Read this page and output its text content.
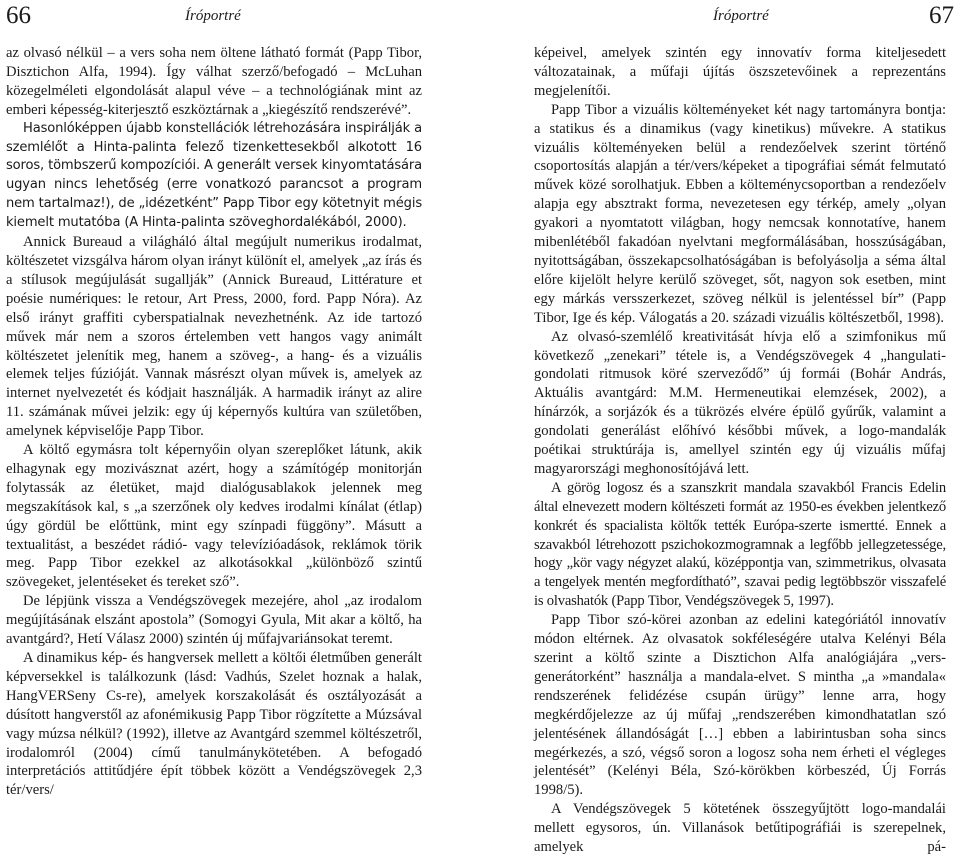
66	Íróportré

az olvasó nélkül – a vers soha nem öltene látható formát (Papp Tibor, Disztichon Alfa, 1994). Így válhat szerző/befogadó – McLuhan közegelméleti elgondolását alapul véve – a technológiának mint az emberi képesség-kiterjesztő eszköztárnak a „kiegészítő rendszerévé”.

Hasonlóképpen újabb konstellációk létrehozására inspirálják a szemlélőt a Hinta-palinta felező tizenkettesekből alkotott 16 soros, tömbszerű kompozíciói. A generált versek kinyomtatására ugyan nincs lehetőség (erre vonatkozó parancsot a program nem tartalmaz!), de „idézetként” Papp Tibor egy kötetnyit mégis kiemelt mutatóba (A Hinta-palinta szöveghordalékából, 2000).

Annick Bureaud a világháló által megújult numerikus irodalmat, költészetet vizsgálva három olyan irányt különít el, amelyek „az írás és a stílusok megújulását sugallják” (Annick Bureaud, Littérature et poésie numériques: le retour, Art Press, 2000, ford. Papp Nóra). Az első irányt graffiti cyberspatialnak nevezhetnénk. Az ide tartozó művek már nem a szoros értelemben vett hangos vagy animált költészetet jelenítik meg, hanem a szöveg-, a hang- és a vizuális elemek teljes fúzióját. Vannak másrészt olyan művek is, amelyek az internet nyelvezetét és kódjait használják. A harmadik irányt az alire 11. számának művei jelzik: egy új képernyős kultúra van születőben, amelynek képviselője Papp Tibor.

A költő egymásra tolt képernyőin olyan szereplőket látunk, akik elhagynak egy mozivásznat azért, hogy a számítógép monitorján folytassák az életüket, majd dialógusablakok jelennek meg megszakítások kal, s „a szerzőnek oly kedves irodalmi kínálat (étlap) úgy gördül be előttünk, mint egy színpadi függöny”. Másutt a textualitást, a beszédet rádió- vagy televízióadások, reklámok törik meg. Papp Tibor ezekkel az alkotásokkal „különböző szintű szövegeket, jelentéseket és tereket sző”.

De lépjünk vissza a Vendégszövegek mezejére, ahol „az irodalom megújításának elszánt apostola” (Somogyi Gyula, Mit akar a költő, ha avantgárd?, Hetí Válasz 2000) szintén új műfajvariánsokat teremt.

A dinamikus kép- és hangversek mellett a költői életműben generált képversekkel is találkozunk (lásd: Vadhús, Szelet hoznak a halak, HangVERSeny Cs-re), amelyek korszakolását és osztályozását a dúsított hangverstől az afonémikusig Papp Tibor rögzítette a Múzsával vagy múzsa nélkül? (1992), illetve az Avantgárd szemmel költészetről, irodalomról (2004) című tanulmánykötetében. A befogadó interpretációs attitűdjére épít többek között a Vendégszövegek 2,3 tér/vers/

Íróportré	67

képeivel, amelyek szintén egy innovatív forma kiteljesedett változatainak, a műfaji újítás öszszetevőinek a reprezentáns megjelenítői.

Papp Tibor a vizuális költeményeket két nagy tartományra bontja: a statikus és a dinamikus (vagy kinetikus) művekre. A statikus vizuális költeményeken belül a rendezőelvek szerint történő csoportosítás alapján a tér/vers/képeket a tipográfiai sémát felmutató művek közé sorolhatjuk. Ebben a költeménycsoportban a rendezőelv alapja egy absztrakt forma, nevezetesen egy térkép, amely „olyan gyakori a nyomtatott világban, hogy nemcsak konnotatíve, hanem mibenlétéből fakadóan nyelvtani megformálásában, hosszúságában, nyitottságában, összekapcsolhatóságában is befolyásolja a séma által előre kijelölt helyre kerülő szöveget, sőt, nagyon sok esetben, mint egy márkás versszerkezet, szöveg nélkül is jelentéssel bír” (Papp Tibor, Ige és kép. Válogatás a 20. századi vizuális költészetből, 1998).

Az olvasó-szemlélő kreativitását hívja elő a szimfonikus mű következő „zenekari” tétele is, a Vendégszövegek 4 „hangulati-gondolati ritmusok köré szerveződő” új formái (Bohár András, Aktuális avantgárd: M.M. Hermeneutikai elemzések, 2002), a hínárzók, a sorjázók és a tükrözés elvére épülő gyűrűk, valamint a gondolati generálást előhívó későbbi művek, a logo-mandalák poétikai struktúrája is, amellyel szintén egy új vizuális műfaj magyarországi meghonosítójává lett.

A görög logosz és a szanszkrit mandala szavakból Francis Edelin által elnevezett modern költészeti formát az 1950-es években jelentkező konkrét és spacialista költők tették Európa-szerte ismertté. Ennek a szavakból létrehozott pszichokozmogramnak a legfőbb jellegzetessége, hogy „kör vagy négyzet alakú, középpontja van, szimmetrikus, olvasata a tengelyek mentén megfordítható”, szavai pedig legtöbbször visszafelé is olvashatók (Papp Tibor, Vendégszövegek 5, 1997).

Papp Tibor szó-körei azonban az edelini kategóriától innovatív módon eltérnek. Az olvasatok sokféleségére utalva Kelényi Béla szerint a költő szinte a Disztichon Alfa analógiájára „vers-generátorként” használja a mandala-elvet. S mintha „a »mandala« rendszerének felidézése csupán ürügy” lenne arra, hogy megkérdőjelezze az új műfaj „rendszerében kimondhatatlan szó jelentésének állandóságát […] ebben a labirintusban soha sincs megérkezés, a szó, végső soron a logosz soha nem érheti el végleges jelentését” (Kelényi Béla, Szó-körökben körbeszéd, Új Forrás 1998/5).

A Vendégszövegek 5 kötetének összegyűjtött logo-mandalái mellett egysoros, ún. Villanások betűtipográfiái is szerepelnek, amelyek pá-
